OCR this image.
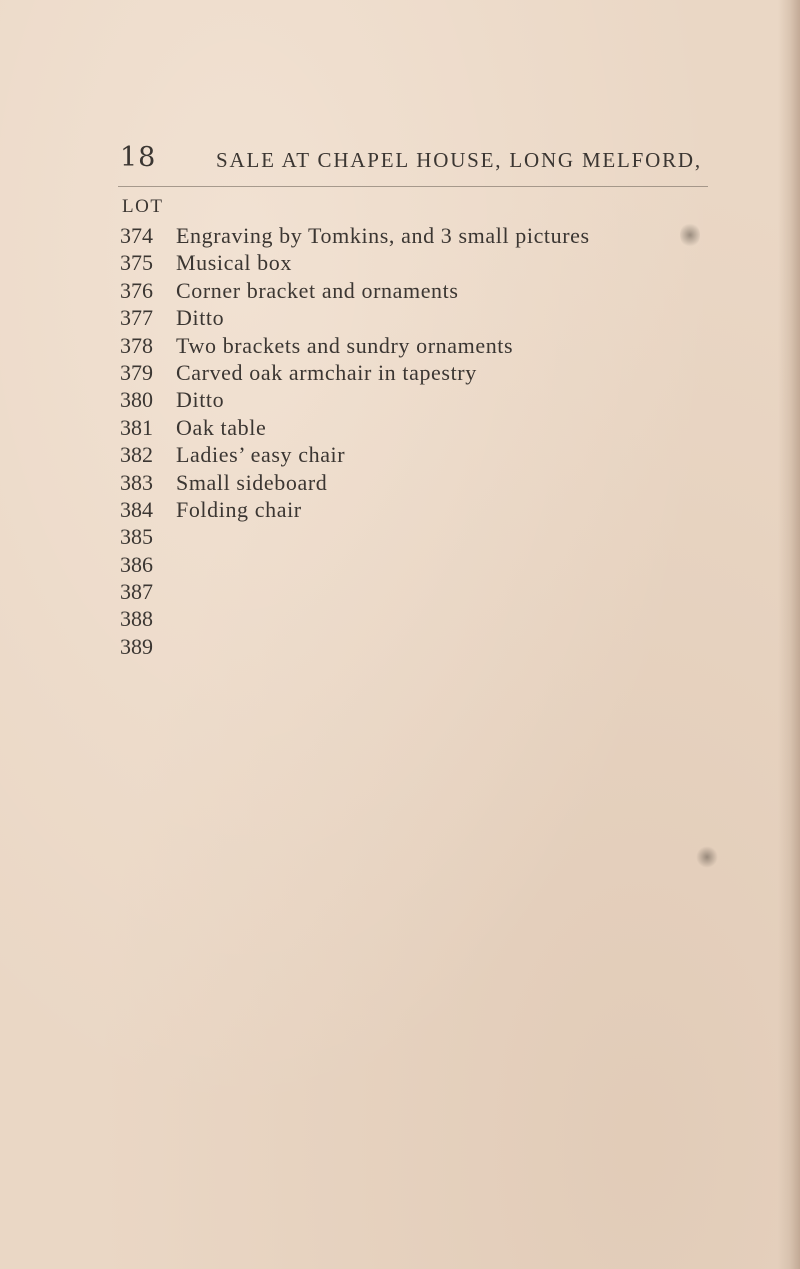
18	SALE AT CHAPEL HOUSE, LONG MELFORD,
LOT
374	Engraving by Tomkins, and 3 small pictures
375	Musical box
376	Corner bracket and ornaments
377	Ditto
378	Two brackets and sundry ornaments
379	Carved oak armchair in tapestry
380	Ditto
381	Oak table
382	Ladies’ easy chair
383	Small sideboard
384	Folding chair
385
386
387
388
389
